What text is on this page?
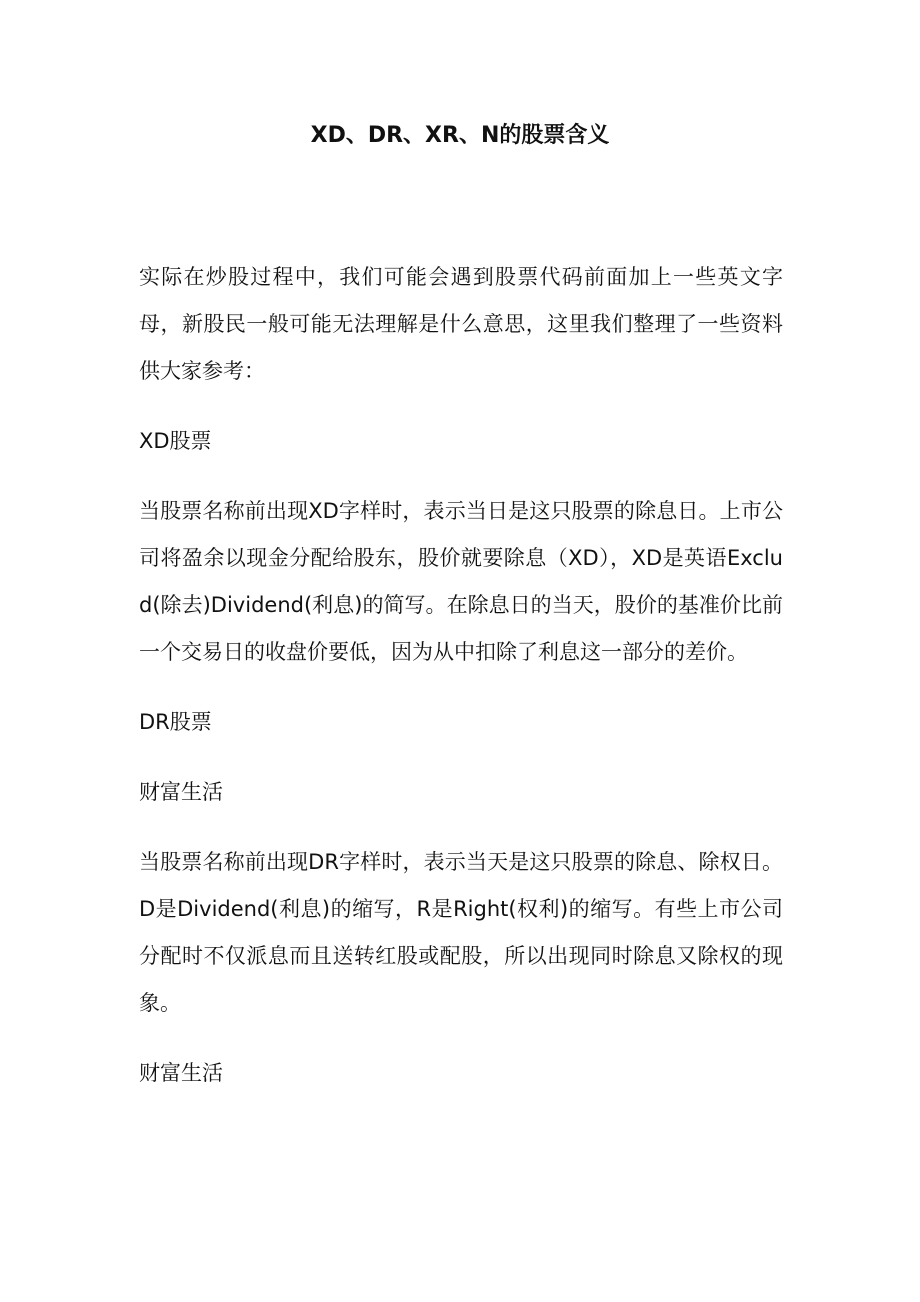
XD、DR、XR、N的股票含义

实际在炒股过程中，我们可能会遇到股票代码前面加上一些英文字母，新股民一般可能无法理解是什么意思，这里我们整理了一些资料供大家参考：

XD股票

当股票名称前出现XD字样时，表示当日是这只股票的除息日。上市公司将盈余以现金分配给股东，股价就要除息（XD），XD是英语Exclud(除去)Dividend(利息)的简写。在除息日的当天，股价的基准价比前一个交易日的收盘价要低，因为从中扣除了利息这一部分的差价。

DR股票

财富生活

当股票名称前出现DR字样时，表示当天是这只股票的除息、除权日。D是Dividend(利息)的缩写，R是Right(权利)的缩写。有些上市公司分配时不仅派息而且送转红股或配股，所以出现同时除息又除权的现象。

财富生活
